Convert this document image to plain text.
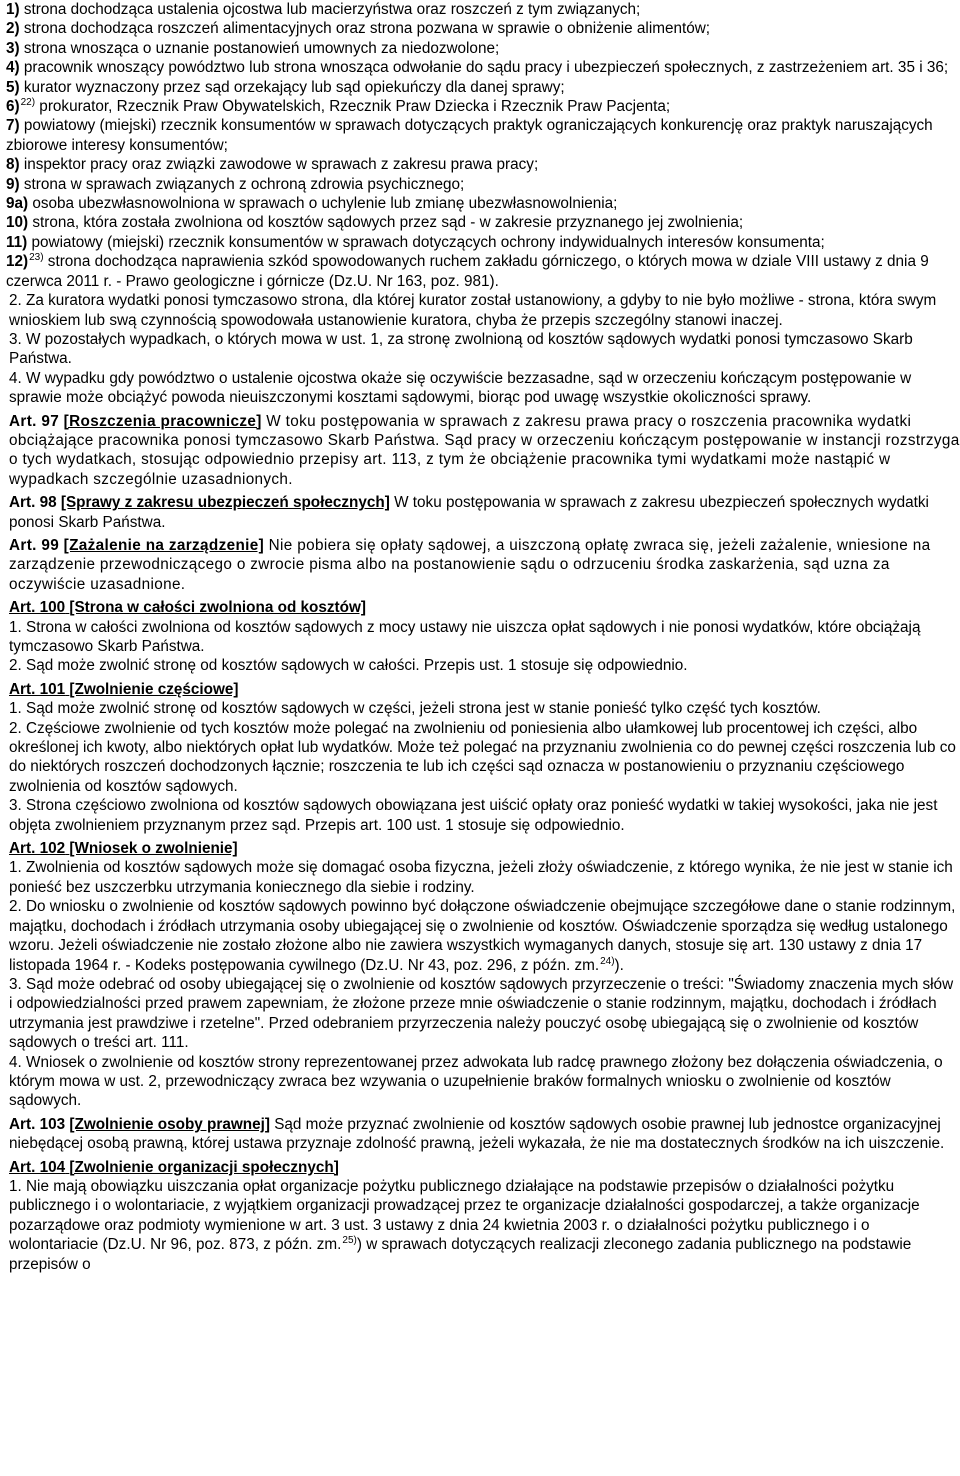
1) strona dochodząca ustalenia ojcostwa lub macierzyństwa oraz roszczeń z tym związanych;

2) strona dochodząca roszczeń alimentacyjnych oraz strona pozwana w sprawie o obniżenie alimentów;

3) strona wnosząca o uznanie postanowień umownych za niedozwolone;

4) pracownik wnoszący powództwo lub strona wnosząca odwołanie do sądu pracy i ubezpieczeń społecznych, z zastrzeżeniem art. 35 i 36;

5) kurator wyznaczony przez sąd orzekający lub sąd opiekuńczy dla danej sprawy;

6)$^{22)}$ prokurator, Rzecznik Praw Obywatelskich, Rzecznik Praw Dziecka i Rzecznik Praw Pacjenta;

7) powiatowy (miejski) rzecznik konsumentów w sprawach dotyczących praktyk ograniczających konkurencję oraz praktyk naruszających zbiorowe interesy konsumentów;

8) inspektor pracy oraz związki zawodowe w sprawach z zakresu prawa pracy;

9) strona w sprawach związanych z ochroną zdrowia psychicznego;

9a) osoba ubezwłasnowolniona w sprawach o uchylenie lub zmianę ubezwłasnowolnienia;

10) strona, która została zwolniona od kosztów sądowych przez sąd - w zakresie przyznanego jej zwolnienia;

11) powiatowy (miejski) rzecznik konsumentów w sprawach dotyczących ochrony indywidualnych interesów konsumenta;

12)$^{23)}$ strona dochodząca naprawienia szkód spowodowanych ruchem zakładu górniczego, o których mowa w dziale VIII ustawy z dnia 9 czerwca 2011 r. - Prawo geologiczne i górnicze (Dz.U. Nr 163, poz. 981).

2. Za kuratora wydatki ponosi tymczasowo strona, dla której kurator został ustanowiony, a gdyby to nie było możliwe - strona, która swym wnioskiem lub swą czynnością spowodowała ustanowienie kuratora, chyba że przepis szczególny stanowi inaczej.

3. W pozostałych wypadkach, o których mowa w ust. 1, za stronę zwolnioną od kosztów sądowych wydatki ponosi tymczasowo Skarb Państwa.

4. W wypadku gdy powództwo o ustalenie ojcostwa okaże się oczywiście bezzasadne, sąd w orzeczeniu kończącym postępowanie w sprawie może obciążyć powoda nieuiszczonymi kosztami sądowymi, biorąc pod uwagę wszystkie okoliczności sprawy.

Art. 97 [Roszczenia pracownicze] W toku postępowania w sprawach z zakresu prawa pracy o roszczenia pracownika wydatki obciążające pracownika ponosi tymczasowo Skarb Państwa. Sąd pracy w orzeczeniu kończącym postępowanie w instancji rozstrzyga o tych wydatkach, stosując odpowiednio przepisy art. 113, z tym że obciążenie pracownika tymi wydatkami może nastąpić w wypadkach szczególnie uzasadnionych.

Art. 98 [Sprawy z zakresu ubezpieczeń społecznych] W toku postępowania w sprawach z zakresu ubezpieczeń społecznych wydatki ponosi Skarb Państwa.

Art. 99 [Zażalenie na zarządzenie] Nie pobiera się opłaty sądowej, a uiszczoną opłatę zwraca się, jeżeli zażalenie, wniesione na zarządzenie przewodniczącego o zwrocie pisma albo na postanowienie sądu o odrzuceniu środka zaskarżenia, sąd uzna za oczywiście uzasadnione.

Art. 100 [Strona w całości zwolniona od kosztów]

1. Strona w całości zwolniona od kosztów sądowych z mocy ustawy nie uiszcza opłat sądowych i nie ponosi wydatków, które obciążają tymczasowo Skarb Państwa.

2. Sąd może zwolnić stronę od kosztów sądowych w całości. Przepis ust. 1 stosuje się odpowiednio.

Art. 101 [Zwolnienie częściowe]

1. Sąd może zwolnić stronę od kosztów sądowych w części, jeżeli strona jest w stanie ponieść tylko część tych kosztów.

2. Częściowe zwolnienie od tych kosztów może polegać na zwolnieniu od poniesienia albo ułamkowej lub procentowej ich części, albo określonej ich kwoty, albo niektórych opłat lub wydatków. Może też polegać na przyznaniu zwolnienia co do pewnej części roszczenia lub co do niektórych roszczeń dochodzonych łącznie; roszczenia te lub ich części sąd oznacza w postanowieniu o przyznaniu częściowego zwolnienia od kosztów sądowych.

3. Strona częściowo zwolniona od kosztów sądowych obowiązana jest uiścić opłaty oraz ponieść wydatki w takiej wysokości, jaka nie jest objęta zwolnieniem przyznanym przez sąd. Przepis art. 100 ust. 1 stosuje się odpowiednio.

Art. 102 [Wniosek o zwolnienie]

1. Zwolnienia od kosztów sądowych może się domagać osoba fizyczna, jeżeli złoży oświadczenie, z którego wynika, że nie jest w stanie ich ponieść bez uszczerbku utrzymania koniecznego dla siebie i rodziny.

2. Do wniosku o zwolnienie od kosztów sądowych powinno być dołączone oświadczenie obejmujące szczegółowe dane o stanie rodzinnym, majątku, dochodach i źródłach utrzymania osoby ubiegającej się o zwolnienie od kosztów. Oświadczenie sporządza się według ustalonego wzoru. Jeżeli oświadczenie nie zostało złożone albo nie zawiera wszystkich wymaganych danych, stosuje się art. 130 ustawy z dnia 17 listopada 1964 r. - Kodeks postępowania cywilnego (Dz.U. Nr 43, poz. 296, z późn. zm.$^{24)}$).

3. Sąd może odebrać od osoby ubiegającej się o zwolnienie od kosztów sądowych przyrzeczenie o treści: "Świadomy znaczenia mych słów i odpowiedzialności przed prawem zapewniam, że złożone przeze mnie oświadczenie o stanie rodzinnym, majątku, dochodach i źródłach utrzymania jest prawdziwe i rzetelne". Przed odebraniem przyrzeczenia należy pouczyć osobę ubiegającą się o zwolnienie od kosztów sądowych o treści art. 111.

4. Wniosek o zwolnienie od kosztów strony reprezentowanej przez adwokata lub radcę prawnego złożony bez dołączenia oświadczenia, o którym mowa w ust. 2, przewodniczący zwraca bez wzywania o uzupełnienie braków formalnych wniosku o zwolnienie od kosztów sądowych.

Art. 103 [Zwolnienie osoby prawnej] Sąd może przyznać zwolnienie od kosztów sądowych osobie prawnej lub jednostce organizacyjnej niebędącej osobą prawną, której ustawa przyznaje zdolność prawną, jeżeli wykazała, że nie ma dostatecznych środków na ich uiszczenie.

Art. 104 [Zwolnienie organizacji społecznych]

1. Nie mają obowiązku uiszczania opłat organizacje pożytku publicznego działające na podstawie przepisów o działalności pożytku publicznego i o wolontariacie, z wyjątkiem organizacji prowadzącej przez te organizacje działalności gospodarczej, a także organizacje pozarządowe oraz podmioty wymienione w art. 3 ust. 3 ustawy z dnia 24 kwietnia 2003 r. o działalności pożytku publicznego i o wolontariacie (Dz.U. Nr 96, poz. 873, z późn. zm.$^{25)}$) w sprawach dotyczących realizacji zleconego zadania publicznego na podstawie przepisów o
